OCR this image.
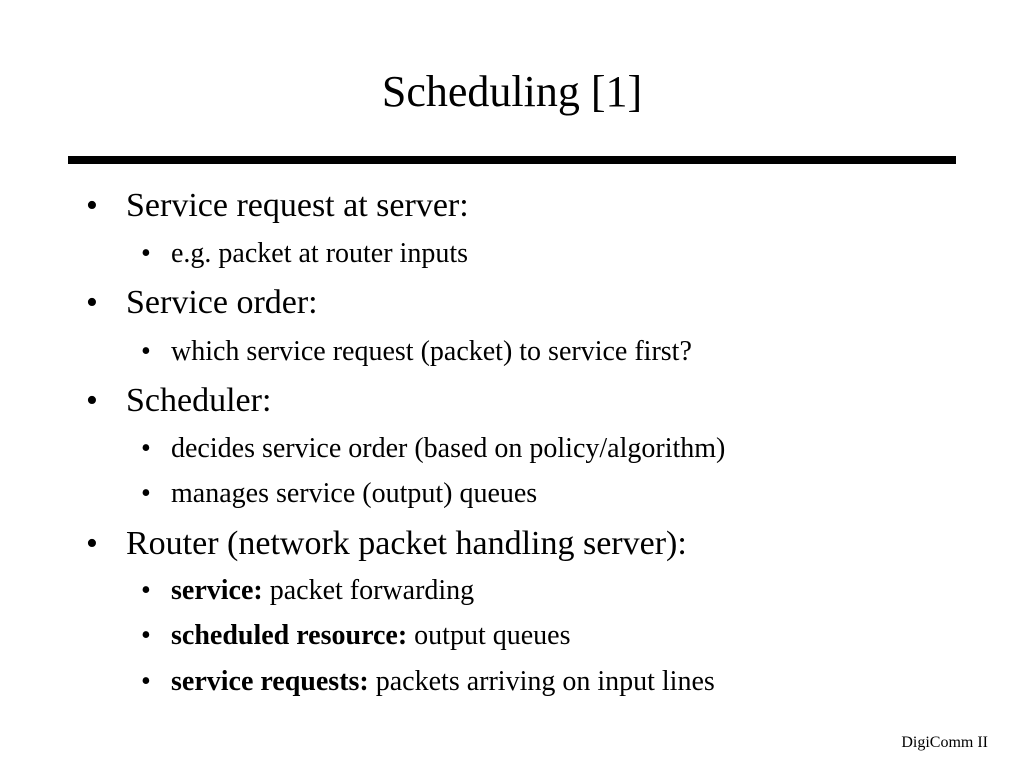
Scheduling [1]
• Service request at server:
• e.g. packet at router inputs
• Service order:
• which service request (packet) to service first?
• Scheduler:
• decides service order (based on policy/algorithm)
• manages service (output) queues
• Router (network packet handling server):
• service: packet forwarding
• scheduled resource: output queues
• service requests: packets arriving on input lines
DigiComm II
